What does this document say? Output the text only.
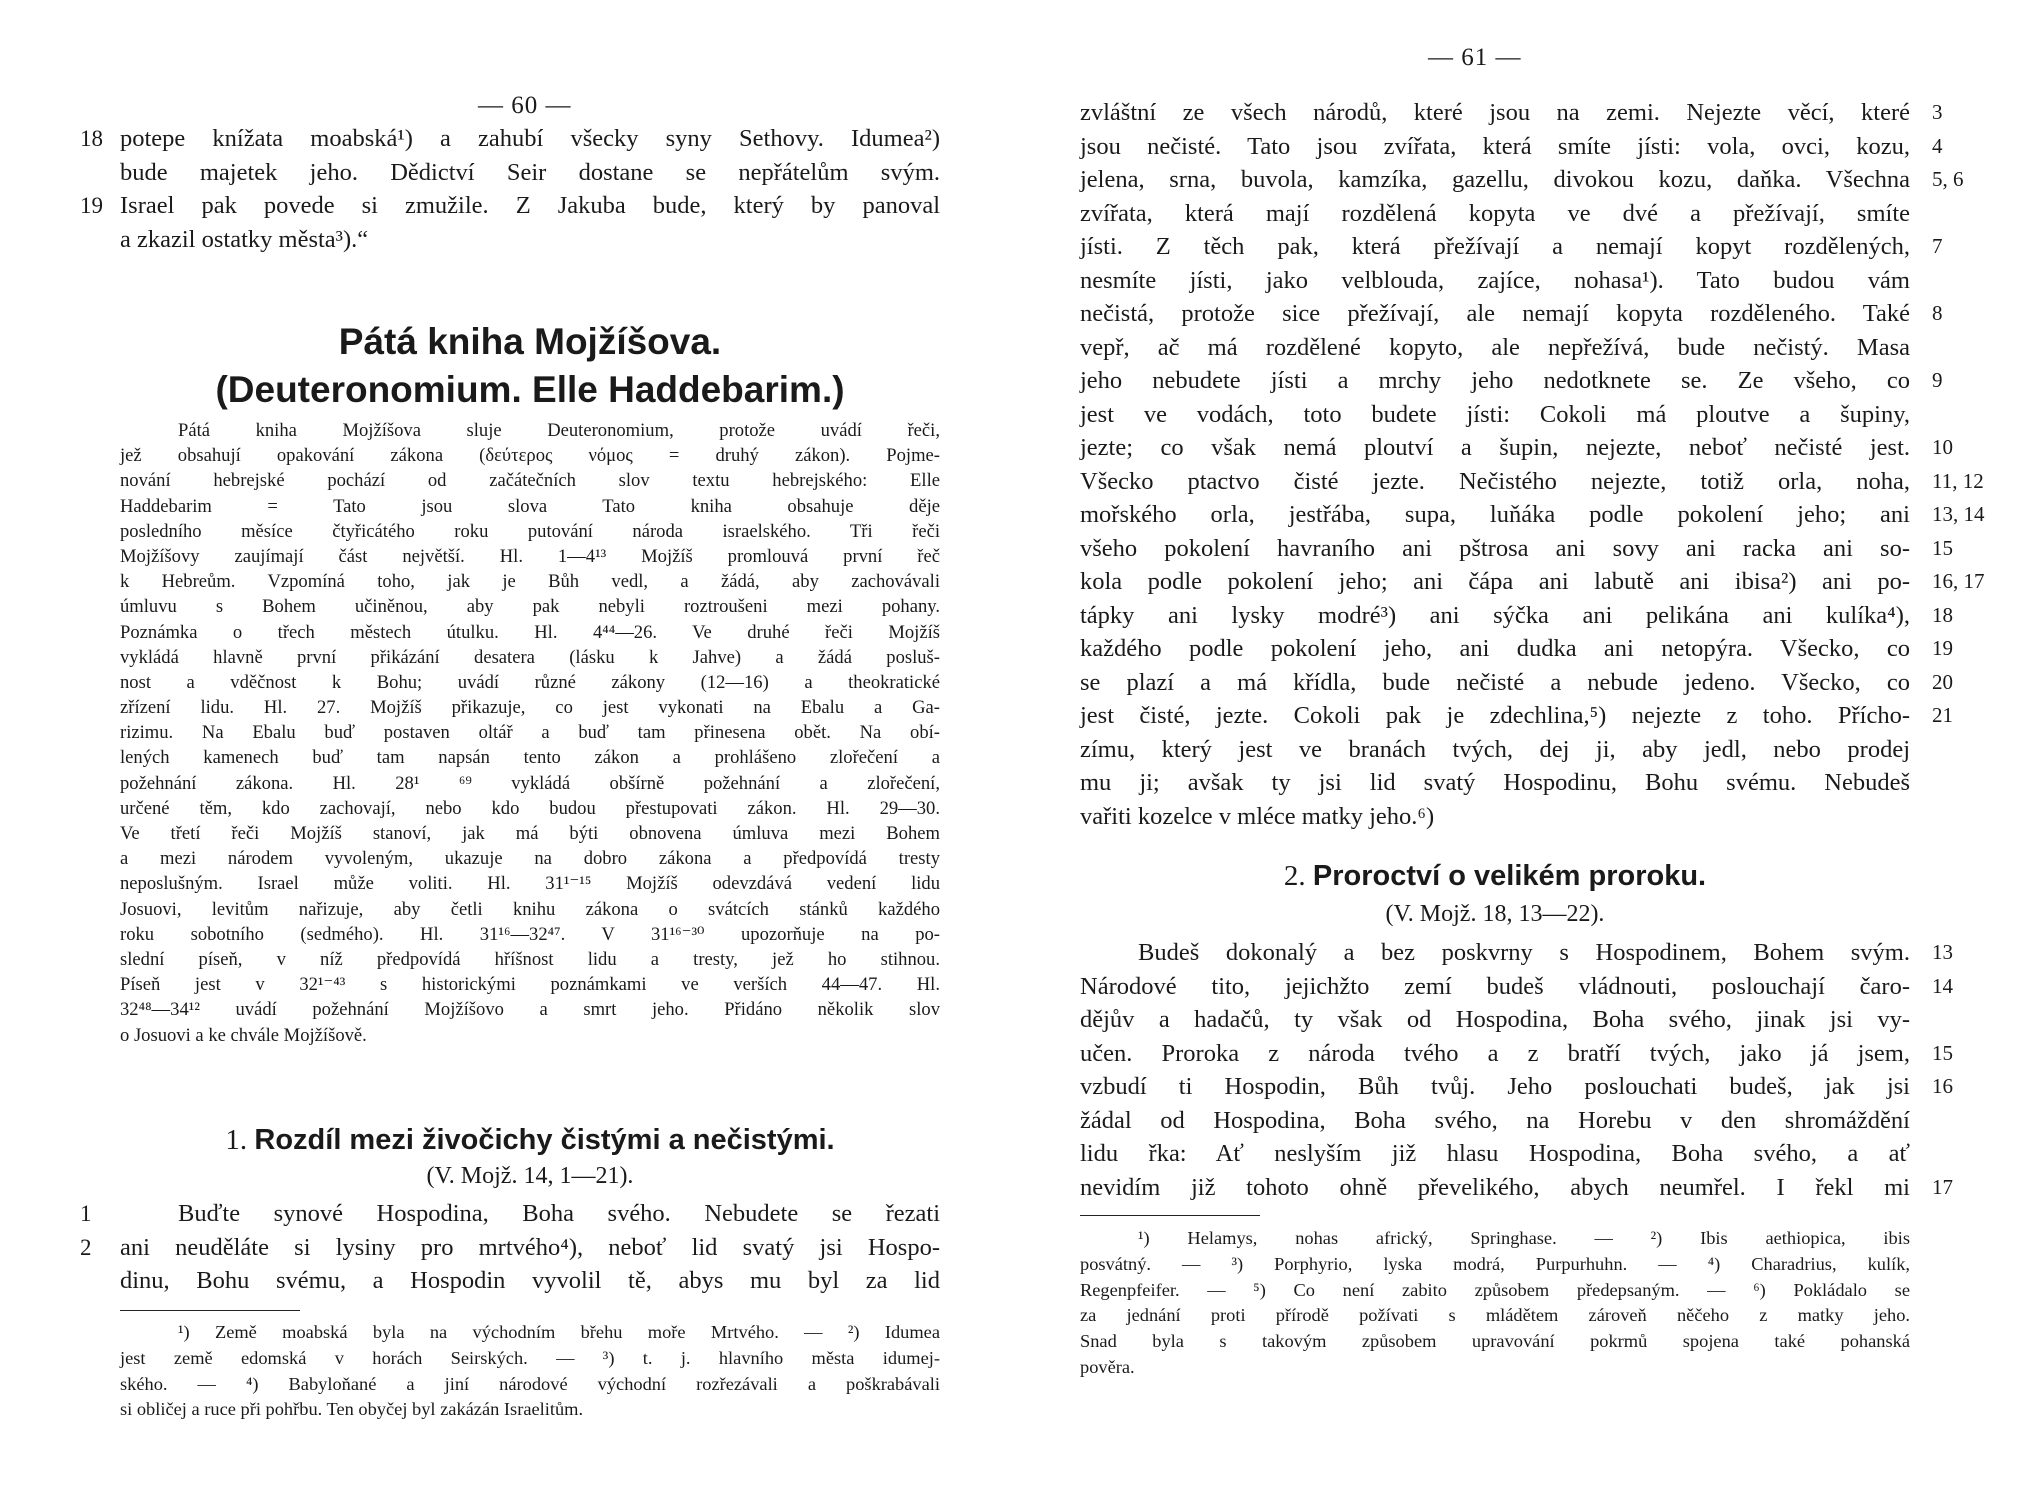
— 60 —
18 potepe knížata moabská¹) a zahubí všecky syny Sethovy. Idumea²)
bude majetek jeho. Dědictví Seir dostane se nepřátelům svým.
19 Israel pak povede si zmužile. Z Jakuba bude, který by panoval
a zkazil ostatky města³).“
Pátá kniha Mojžíšova.
(Deuteronomium. Elle Haddebarim.)
Pátá kniha Mojžíšova sluje Deuteronomium, protože uvádí řeči,
jež obsahují opakování zákona (δεύτερος νόμος = druhý zákon). Pojme-
nování hebrejské pochází od začátečních slov textu hebrejského: Elle
Haddebarim = Tato jsou slova Tato kniha obsahuje děje
posledního měsíce čtyřicátého roku putování národa israelského. Tři řeči
Mojžíšovy zaujímají část největší. Hl. 1—4¹³ Mojžíš promlouvá první řeč
k Hebreům. Vzpomíná toho, jak je Bůh vedl, a žádá, aby zachovávali
úmluvu s Bohem učiněnou, aby pak nebyli roztroušeni mezi pohany.
Poznámka o třech městech útulku. Hl. 4⁴⁴—26. Ve druhé řeči Mojžíš
vykládá hlavně první přikázání desatera (lásku k Jahve) a žádá posluš-
nost a vděčnost k Bohu; uvádí různé zákony (12—16) a theokratické
zřízení lidu. Hl. 27. Mojžíš přikazuje, co jest vykonati na Ebalu a Ga-
rizimu. Na Ebalu buď postaven oltář a buď tam přinesena obět. Na obí-
lených kamenech buď tam napsán tento zákon a prohlášeno zlořečení a
požehnání zákona. Hl. 28¹ ⁶⁹ vykládá obšírně požehnání a zlořečení,
určené těm, kdo zachovají, nebo kdo budou přestupovati zákon. Hl. 29—30.
Ve třetí řeči Mojžíš stanoví, jak má býti obnovena úmluva mezi Bohem
a mezi národem vyvoleným, ukazuje na dobro zákona a předpovídá tresty
neposlušným. Israel může voliti. Hl. 31¹⁻¹⁵ Mojžíš odevzdává vedení lidu
Josuovi, levitům nařizuje, aby četli knihu zákona o svátcích stánků každého
roku sobotního (sedmého). Hl. 31¹⁶—32⁴⁷. V 31¹⁶⁻³⁰ upozorňuje na po-
slední píseň, v níž předpovídá hříšnost lidu a tresty, jež ho stihnou.
Píseň jest v 32¹⁻⁴³ s historickými poznámkami ve verších 44—47. Hl.
32⁴⁸—34¹² uvádí požehnání Mojžíšovo a smrt jeho. Přidáno několik slov
o Josuovi a ke chvále Mojžíšově.
1. Rozdíl mezi živočichy čistými a nečistými.
(V. Mojž. 14, 1—21).
1	Buďte synové Hospodina, Boha svého. Nebudete se řezati
2 ani neuděláte si lysiny pro mrtvého⁴), neboť lid svatý jsi Hospo-
dinu, Bohu svému, a Hospodin vyvolil tě, abys mu byl za lid
¹) Země moabská byla na východním břehu moře Mrtvého. — ²) Idumea
jest země edomská v horách Seirských. — ³) t. j. hlavního města idumej-
ského. — ⁴) Babyloňané a jiní národové východní rozřezávali a poškrabávali
si obličej a ruce při pohřbu. Ten obyčej byl zakázán Israelitům.
— 61 —
zvláštní ze všech národů, které jsou na zemi. Nejezte věcí, které 3
jsou nečisté. Tato jsou zvířata, která smíte jísti: vola, ovci, kozu, 4
jelena, srna, buvola, kamzíka, gazellu, divokou kozu, daňka. Všechna 5, 6
zvířata, která mají rozdělená kopyta ve dvé a přežívají, smíte
jísti. Z těch pak, která přežívají a nemají kopyt rozdělených, 7
nesmíte jísti, jako velblouda, zajíce, nohasa¹). Tato budou vám
nečistá, protože sice přežívají, ale nemají kopyta rozděleného. Také 8
vepř, ač má rozdělené kopyto, ale nepřežívá, bude nečistý. Masa
jeho nebudete jísti a mrchy jeho nedotknete se. Ze všeho, co 9
jest ve vodách, toto budete jísti: Cokoli má ploutve a šupiny,
jezte; co však nemá ploutví a šupin, nejezte, neboť nečisté jest. 10
Všecko ptactvo čisté jezte. Nečistého nejezte, totiž orla, noha, 11, 12
mořského orla, jestřába, supa, luňáka podle pokolení jeho; ani 13, 14
všeho pokolení havraního ani pštrosa ani sovy ani racka ani so- 15
kola podle pokolení jeho; ani čápa ani labutě ani ibisa²) ani po- 16, 17
tápky ani lysky modré³) ani sýčka ani pelikána ani kulíka⁴), 18
každého podle pokolení jeho, ani dudka ani netopýra. Všecko, co 19
se plazí a má křídla, bude nečisté a nebude jedeno. Všecko, co 20
jest čisté, jezte. Cokoli pak je zdechlina,⁵) nejezte z toho. Přícho- 21
zímu, který jest ve branách tvých, dej ji, aby jedl, nebo prodej
mu ji; avšak ty jsi lid svatý Hospodinu, Bohu svému. Nebudeš
vařiti kozelce v mléce matky jeho.⁶)
2. Proroctví o velikém proroku.
(V. Mojž. 18, 13—22).
Budeš dokonalý a bez poskvrny s Hospodinem, Bohem svým. 13
Národové tito, jejichžto zemí budeš vládnouti, poslouchají čaro- 14
dějův a hadačů, ty však od Hospodina, Boha svého, jinak jsi vy-
učen. Proroka z národa tvého a z bratří tvých, jako já jsem, 15
vzbudí ti Hospodin, Bůh tvůj. Jeho poslouchati budeš, jak jsi 16
žádal od Hospodina, Boha svého, na Horebu v den shromáždění
lidu řka: Ať neslyším již hlasu Hospodina, Boha svého, a ať
nevidím již tohoto ohně převelikého, abych neumřel. I řekl mi 17
¹) Helamys, nohas africký, Springhase. — ²) Ibis aethiopica, ibis
posvátný. — ³) Porphyrio, lyska modrá, Purpurhuhn. — ⁴) Charadrius, kulík,
Regenpfeifer. — ⁵) Co není zabito způsobem předepsaným. — ⁶) Pokládalo se
za jednání proti přírodě požívati s mládětem zároveň něčeho z matky jeho.
Snad byla s takovým způsobem upravování pokrmů spojena také pohanská
pověra.
